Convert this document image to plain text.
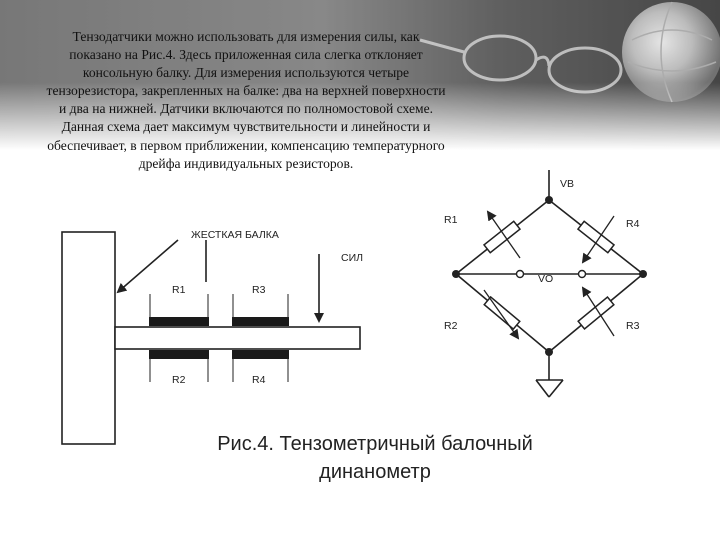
Тензодатчики можно использовать для измерения силы, как
показано на Рис.4. Здесь приложенная сила слегка отклоняет
консольную балку. Для измерения используются четыре
тензорезистора, закрепленных на балке: два на верхней поверхности
и два на нижней. Датчики включаются по полномостовой схеме.
Данная схема дает максимум чувствительности и линейности и
обеспечивает, в первом приближении, компенсацию температурного
дрейфа индивидуальных резисторов.
ЖЕСТКАЯ БАЛКА
СИЛ
R1	R3
R2	R4
VB
VO
R1	R4
R2	R3
Рис.4. Тензометричный балочный
динанометр
